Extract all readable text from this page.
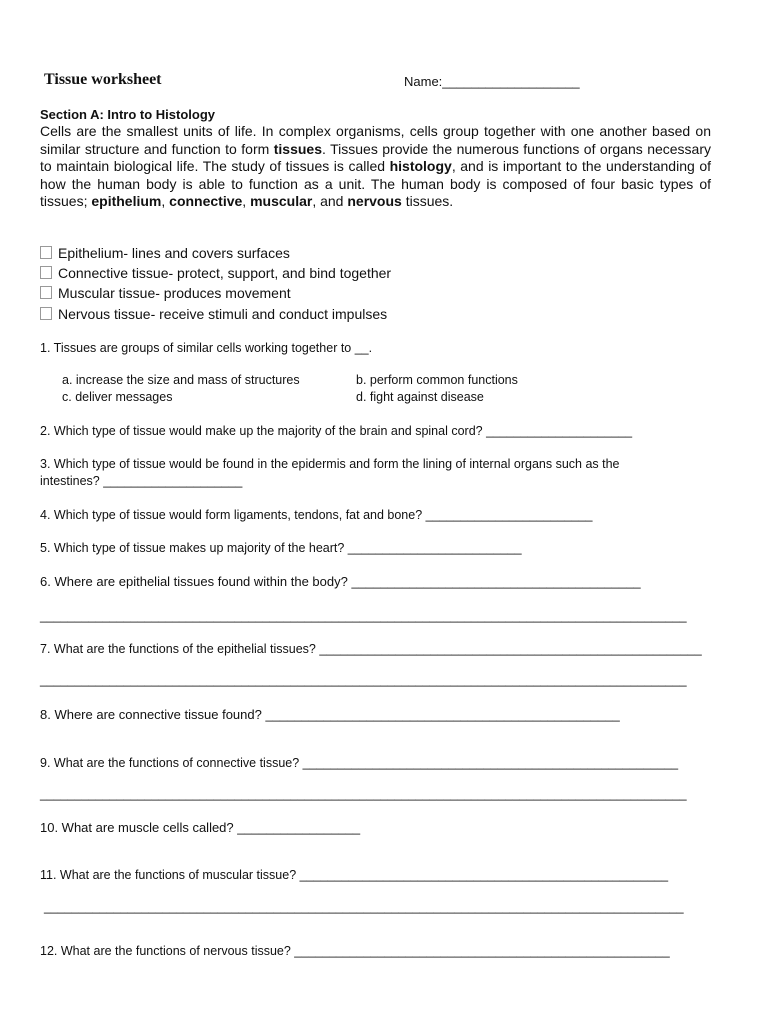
Tissue worksheet	Name:___________________
Section A: Intro to Histology
Cells are the smallest units of life. In complex organisms, cells group together with one another based on similar structure and function to form tissues. Tissues provide the numerous functions of organs necessary to maintain biological life. The study of tissues is called histology, and is important to the understanding of how the human body is able to function as a unit. The human body is composed of four basic types of tissues; epithelium, connective, muscular, and nervous tissues.
Epithelium- lines and covers surfaces
Connective tissue- protect, support, and bind together
Muscular tissue- produces movement
Nervous tissue- receive stimuli and conduct impulses
1. Tissues are groups of similar cells working together to __.
a. increase the size and mass of structures	b. perform common functions
c. deliver messages	d. fight against disease
2. Which type of tissue would make up the majority of the brain and spinal cord? _____________________
3. Which type of tissue would be found in the epidermis and form the lining of internal organs such as the
intestines? ____________________
4. Which type of tissue would form ligaments, tendons, fat and bone? ________________________
5. Which type of tissue makes up majority of the heart? _________________________
6. Where are epithelial tissues found within the body? ________________________________________
_____________________________________________________________________________________________
7. What are the functions of the epithelial tissues? _______________________________________________________
_____________________________________________________________________________________________
8. Where are connective tissue found? _________________________________________________
9. What are the functions of connective tissue? ______________________________________________________
_____________________________________________________________________________________________
10. What are muscle cells called? _________________
11. What are the functions of muscular tissue? _____________________________________________________
____________________________________________________________________________________________
12. What are the functions of nervous tissue? ______________________________________________________
